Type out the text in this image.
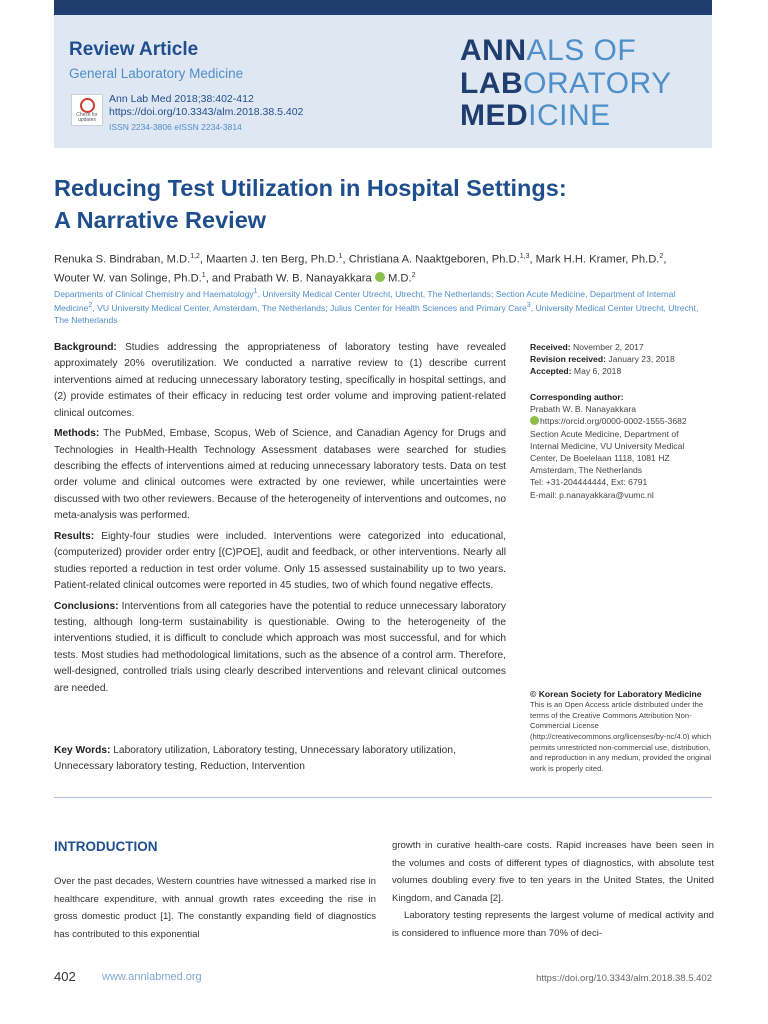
Review Article
General Laboratory Medicine
Check for updates
Ann Lab Med 2018;38:402-412
https://doi.org/10.3343/alm.2018.38.5.402
ISSN 2234-3806 eISSN 2234-3814
ANNALS OF
LABORATORY
MEDICINE
Reducing Test Utilization in Hospital Settings:
A Narrative Review
Renuka S. Bindraban, M.D.$^{1,2}$, Maarten J. ten Berg, Ph.D.$^1$, Christiana A. Naaktgeboren, Ph.D.$^{1,3}$, Mark H.H. Kramer, Ph.D.$^2$,
Wouter W. van Solinge, Ph.D.$^1$, and Prabath W. B. Nanayakkara  M.D.$^2$
Departments of Clinical Chemistry and Haematology$^1$, University Medical Center Utrecht, Utrecht, The Netherlands; Section Acute Medicine, Department of Internal Medicine$^2$, VU University Medical Center, Amsterdam, The Netherlands; Julius Center for Health Sciences and Primary Care$^3$, University Medical Center Utrecht, Utrecht, The Netherlands

Background: Studies addressing the appropriateness of laboratory testing have revealed approximately 20% overutilization. We conducted a narrative review to (1) describe current interventions aimed at reducing unnecessary laboratory testing, specifically in hospital settings, and (2) provide estimates of their efficacy in reducing test order volume and improving patient-related clinical outcomes.

Methods: The PubMed, Embase, Scopus, Web of Science, and Canadian Agency for Drugs and Technologies in Health-Health Technology Assessment databases were searched for studies describing the effects of interventions aimed at reducing unnecessary laboratory tests. Data on test order volume and clinical outcomes were extracted by one reviewer, while uncertainties were discussed with two other reviewers. Because of the heterogeneity of interventions and outcomes, no meta-analysis was performed.

Results: Eighty-four studies were included. Interventions were categorized into educational, (computerized) provider order entry [(C)POE], audit and feedback, or other interventions. Nearly all studies reported a reduction in test order volume. Only 15 assessed sustainability up to two years. Patient-related clinical outcomes were reported in 45 studies, two of which found negative effects.

Conclusions: Interventions from all categories have the potential to reduce unnecessary laboratory testing, although long-term sustainability is questionable. Owing to the heterogeneity of the interventions studied, it is difficult to conclude which approach was most successful, and for which tests. Most studies had methodological limitations, such as the absence of a control arm. Therefore, well-designed, controlled trials using clearly described interventions and relevant clinical outcomes are needed.

Key Words: Laboratory utilization, Laboratory testing, Unnecessary laboratory utilization, Unnecessary laboratory testing, Reduction, Intervention
Received: November 2, 2017
Revision received: January 23, 2018
Accepted: May 6, 2018
Corresponding author:
Prabath W. B. Nanayakkara
https://orcid.org/0000-0002-1555-3682
Section Acute Medicine, Department of
Internal Medicine, VU University Medical
Center, De Boelelaan 1118, 1081 HZ
Amsterdam, The Netherlands
Tel: +31-204444444, Ext: 6791
E-mail: p.nanayakkara@vumc.nl
© Korean Society for Laboratory Medicine
This is an Open Access article distributed under the terms of the Creative Commons Attribution Non-Commercial License (http://creativecommons.org/licenses/by-nc/4.0) which permits unrestricted non-commercial use, distribution, and reproduction in any medium, provided the original work is properly cited.
INTRODUCTION
Over the past decades, Western countries have witnessed a marked rise in healthcare expenditure, with annual growth rates exceeding the rise in gross domestic product [1]. The constantly expanding field of diagnostics has contributed to this exponential
growth in curative health-care costs. Rapid increases have been seen in the volumes and costs of different types of diagnostics, with absolute test volumes doubling every five to ten years in the United States, the United Kingdom, and Canada [2].
Laboratory testing represents the largest volume of medical activity and is considered to influence more than 70% of deci-
402 www.annlabmed.org	https://doi.org/10.3343/alm.2018.38.5.402
